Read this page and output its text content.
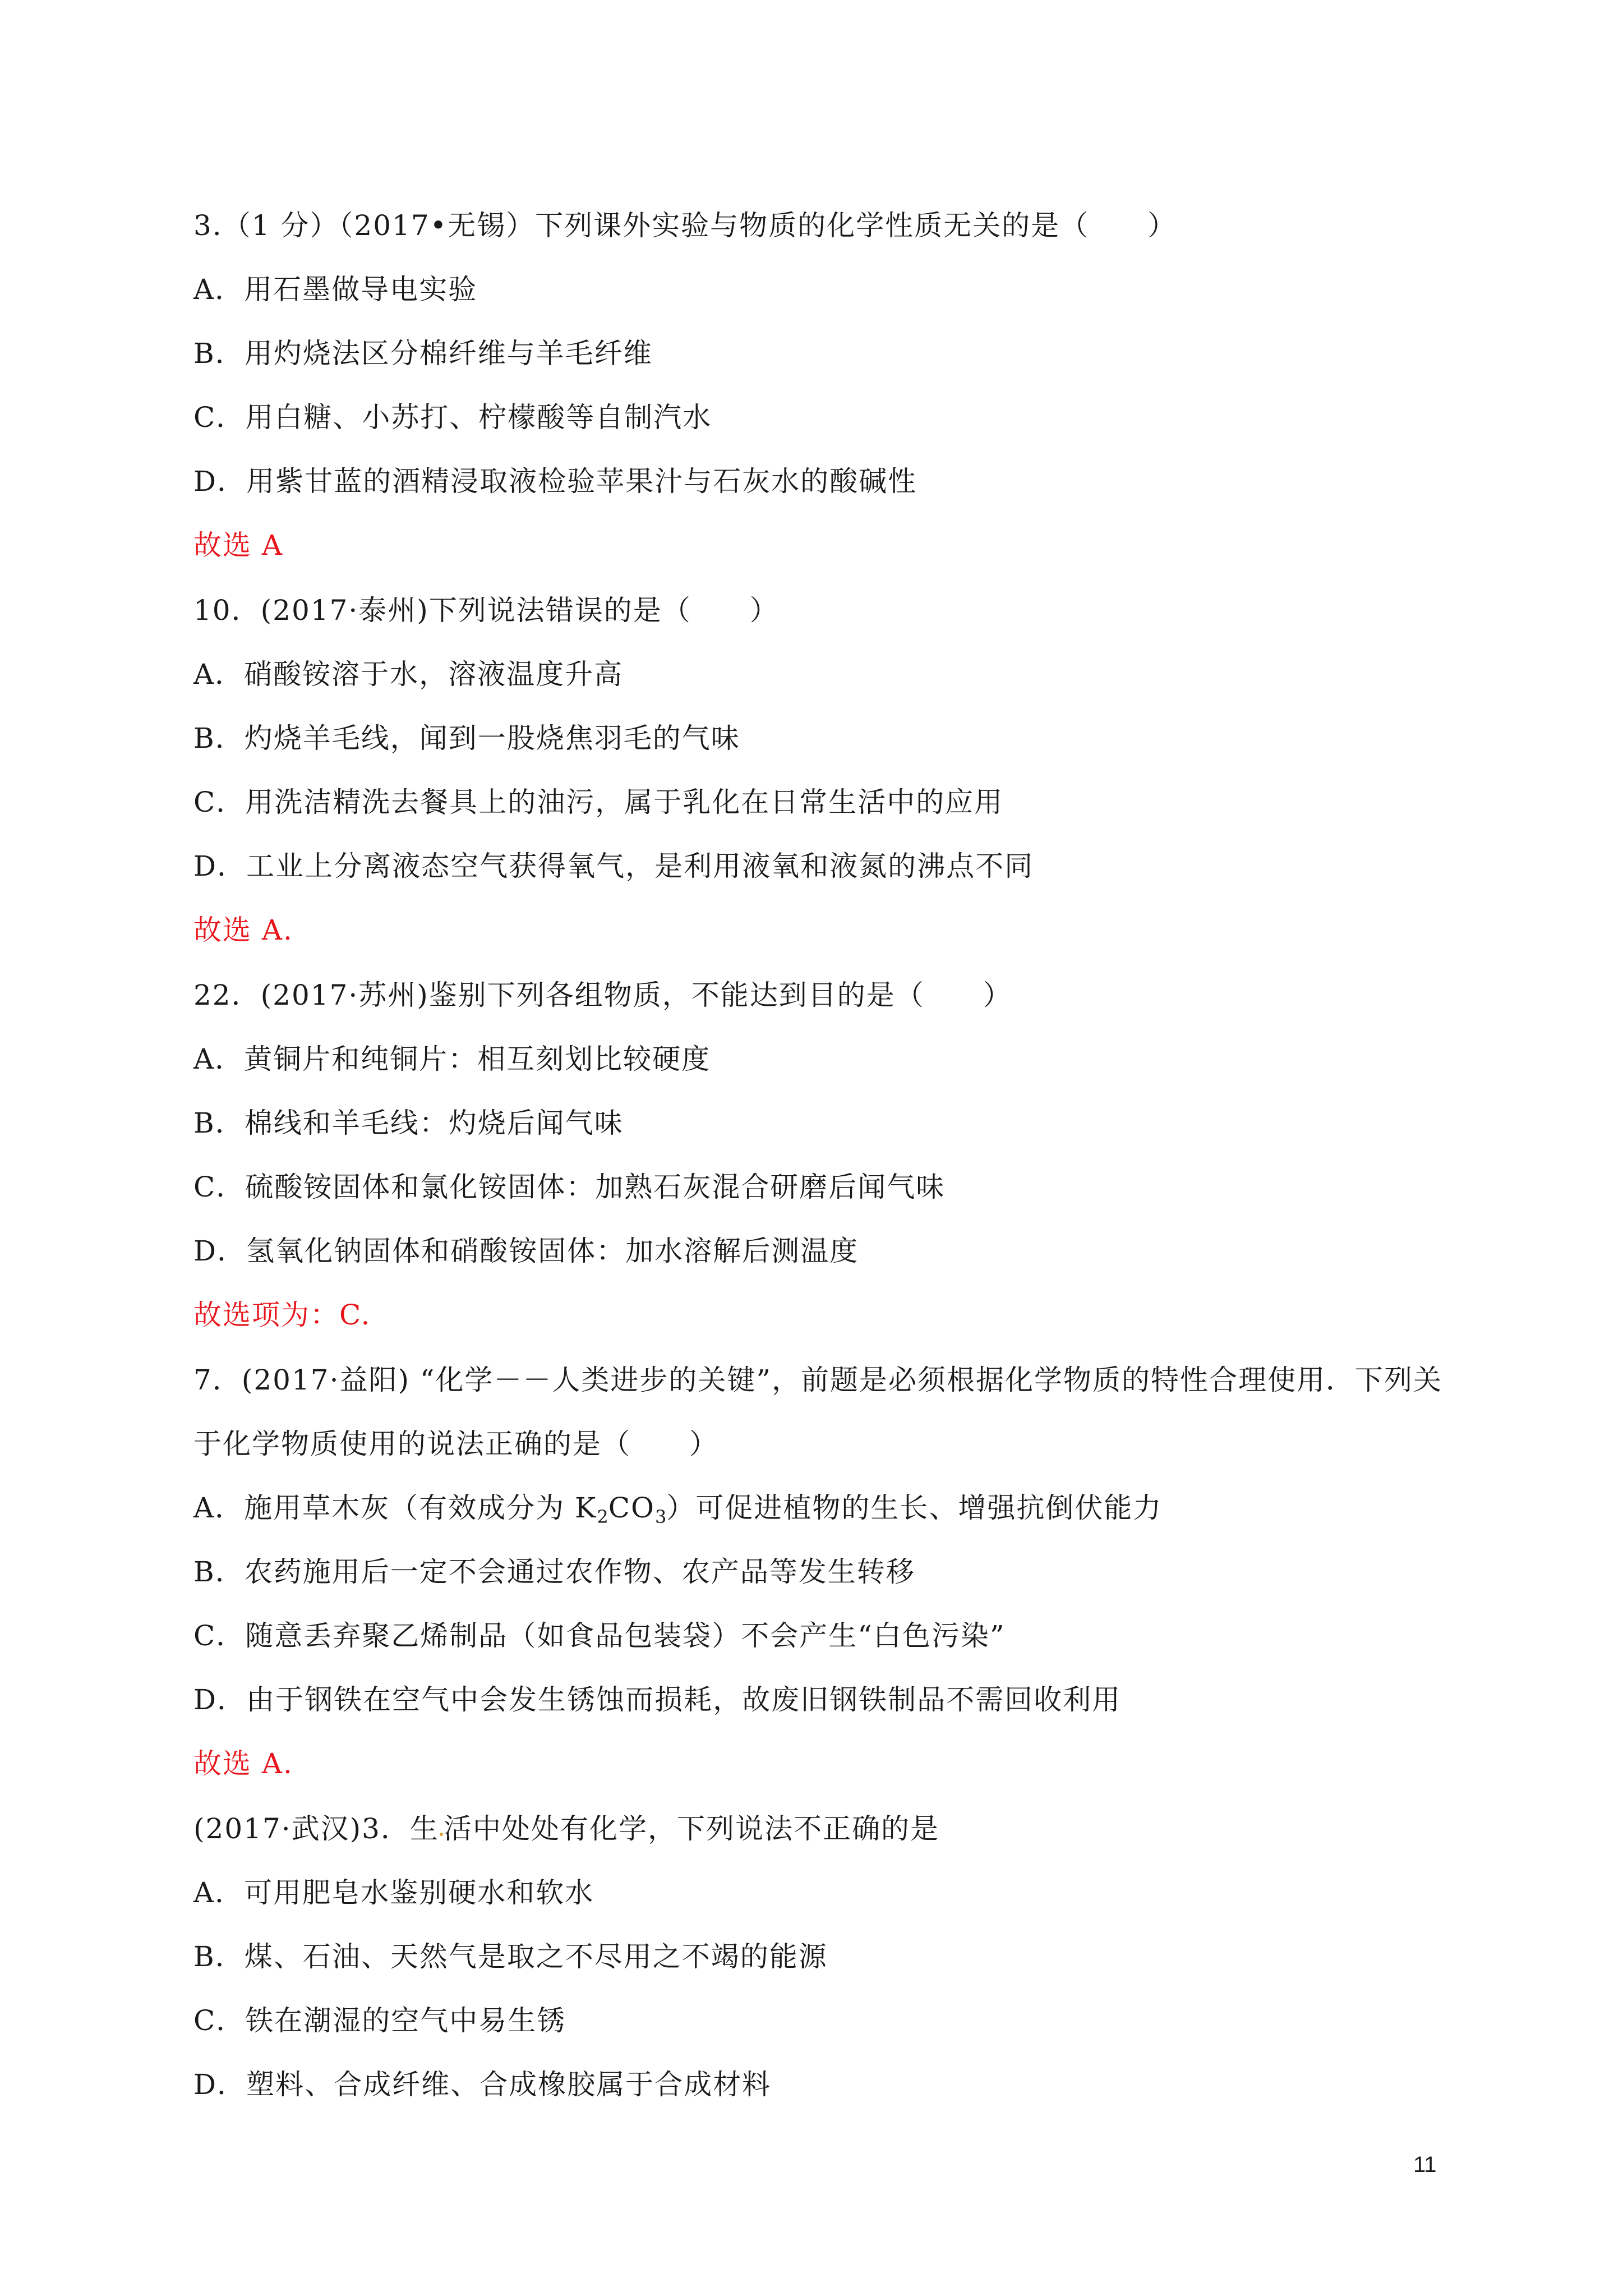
3.（1 分）（2017•无锡）下列课外实验与物质的化学性质无关的是（　　）
A．用石墨做导电实验
B．用灼烧法区分棉纤维与羊毛纤维
C．用白糖、小苏打、柠檬酸等自制汽水
D．用紫甘蓝的酒精浸取液检验苹果汁与石灰水的酸碱性
故选 A
10．(2017·泰州)下列说法错误的是（　　）
A．硝酸铵溶于水，溶液温度升高
B．灼烧羊毛线，闻到一股烧焦羽毛的气味
C．用洗洁精洗去餐具上的油污，属于乳化在日常生活中的应用
D．工业上分离液态空气获得氧气，是利用液氧和液氮的沸点不同
故选 A.
22．(2017·苏州)鉴别下列各组物质，不能达到目的是（　　）
A．黄铜片和纯铜片：相互刻划比较硬度
B．棉线和羊毛线：灼烧后闻气味
C．硫酸铵固体和氯化铵固体：加熟石灰混合研磨后闻气味
D．氢氧化钠固体和硝酸铵固体：加水溶解后测温度
故选项为：C.
7．(2017·益阳) “化学－－人类进步的关键”，前题是必须根据化学物质的特性合理使用．下列关
于化学物质使用的说法正确的是（　　）
A．施用草木灰（有效成分为 $K_2CO_3$）可促进植物的生长、增强抗倒伏能力
B．农药施用后一定不会通过农作物、农产品等发生转移
C．随意丢弃聚乙烯制品（如食品包装袋）不会产生“白色污染”
D．由于钢铁在空气中会发生锈蚀而损耗，故废旧钢铁制品不需回收利用
故选 A.
(2017·武汉)3．生 活中处处有化学，下列说法不正确的是
A．可用肥皂水鉴别硬水和软水
B．煤、石油、天然气是取之不尽用之不竭的能源
C．铁在潮湿的空气中易生锈
D．塑料、合成纤维、合成橡胶属于合成材料
11
